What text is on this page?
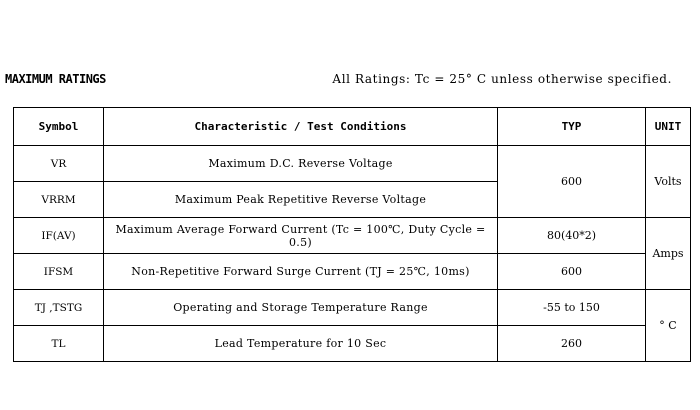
MAXIMUM RATINGS	All Ratings: Tc = 25° C unless otherwise specified.
Symbol	Characteristic / Test Conditions	TYP	UNIT
VR	Maximum D.C. Reverse Voltage	600	Volts
VRRM	Maximum Peak Repetitive Reverse Voltage		
IF(AV)	Maximum Average Forward Current (Tc = 100℃, Duty Cycle = 0.5)	80(40*2)	Amps
IFSM	Non-Repetitive Forward Surge Current (TJ = 25℃, 10ms)	600	
TJ ,TSTG	Operating and Storage Temperature Range	-55 to 150	° C
TL	Lead Temperature for 10 Sec	260	
